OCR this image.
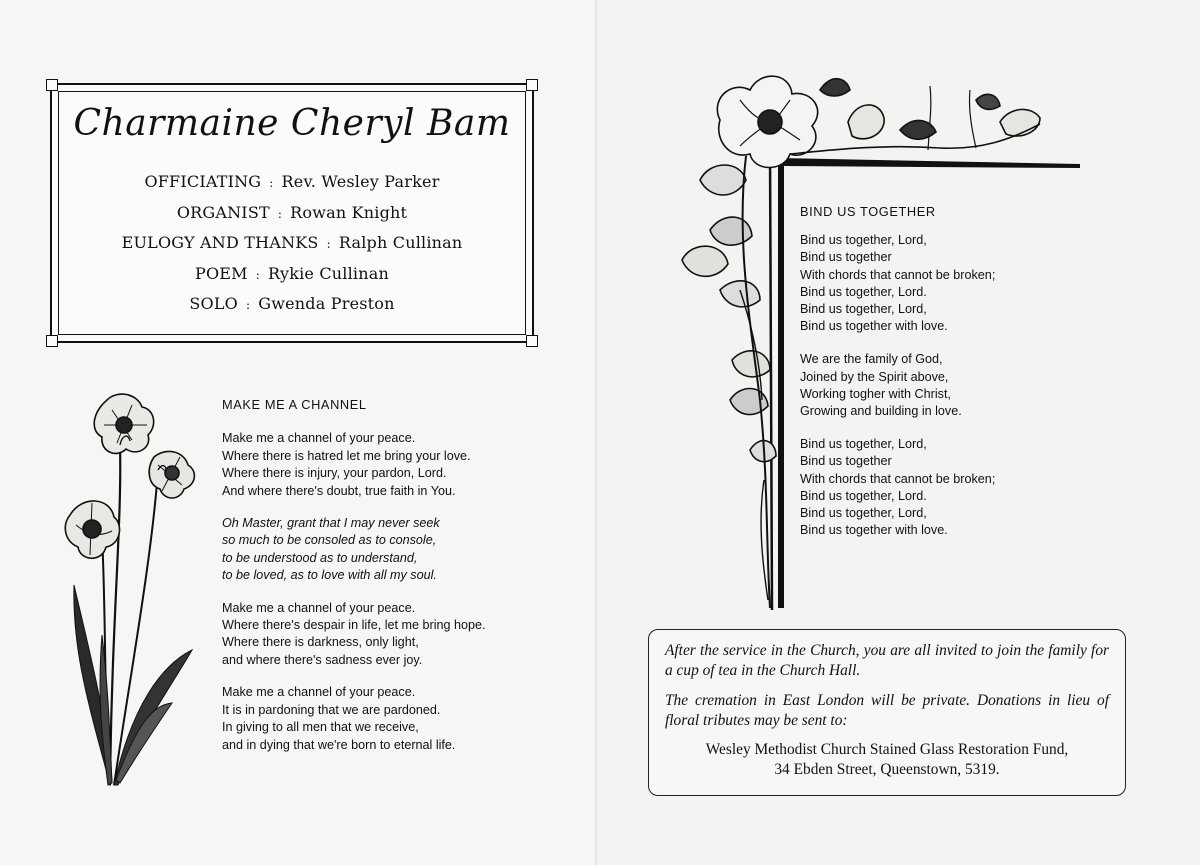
Charmaine Cheryl Bam
OFFICIATING : Rev. Wesley Parker
ORGANIST : Rowan Knight
EULOGY AND THANKS : Ralph Cullinan
POEM : Rykie Cullinan
SOLO : Gwenda Preston
MAKE ME A CHANNEL
Make me a channel of your peace.
Where there is hatred let me bring your love.
Where there is injury, your pardon, Lord.
And where there's doubt, true faith in You.
Oh Master, grant that I may never seek
so much to be consoled as to console,
to be understood as to understand,
to be loved, as to love with all my soul.
Make me a channel of your peace.
Where there's despair in life, let me bring hope.
Where there is darkness, only light,
and where there's sadness ever joy.
Make me a channel of your peace.
It is in pardoning that we are pardoned.
In giving to all men that we receive,
and in dying that we're born to eternal life.
BIND US TOGETHER
Bind us together, Lord,
Bind us together
With chords that cannot be broken;
Bind us together, Lord.
Bind us together, Lord,
Bind us together with love.
We are the family of God,
Joined by the Spirit above,
Working togher with Christ,
Growing and building in love.
Bind us together, Lord,
Bind us together
With chords that cannot be broken;
Bind us together, Lord.
Bind us together, Lord,
Bind us together with love.

After the service in the Church, you are all invited to join the family for a cup of tea in the Church Hall.

The cremation in East London will be private. Donations in lieu of floral tributes may be sent to:

Wesley Methodist Church Stained Glass Restoration Fund,
34 Ebden Street, Queenstown, 5319.
